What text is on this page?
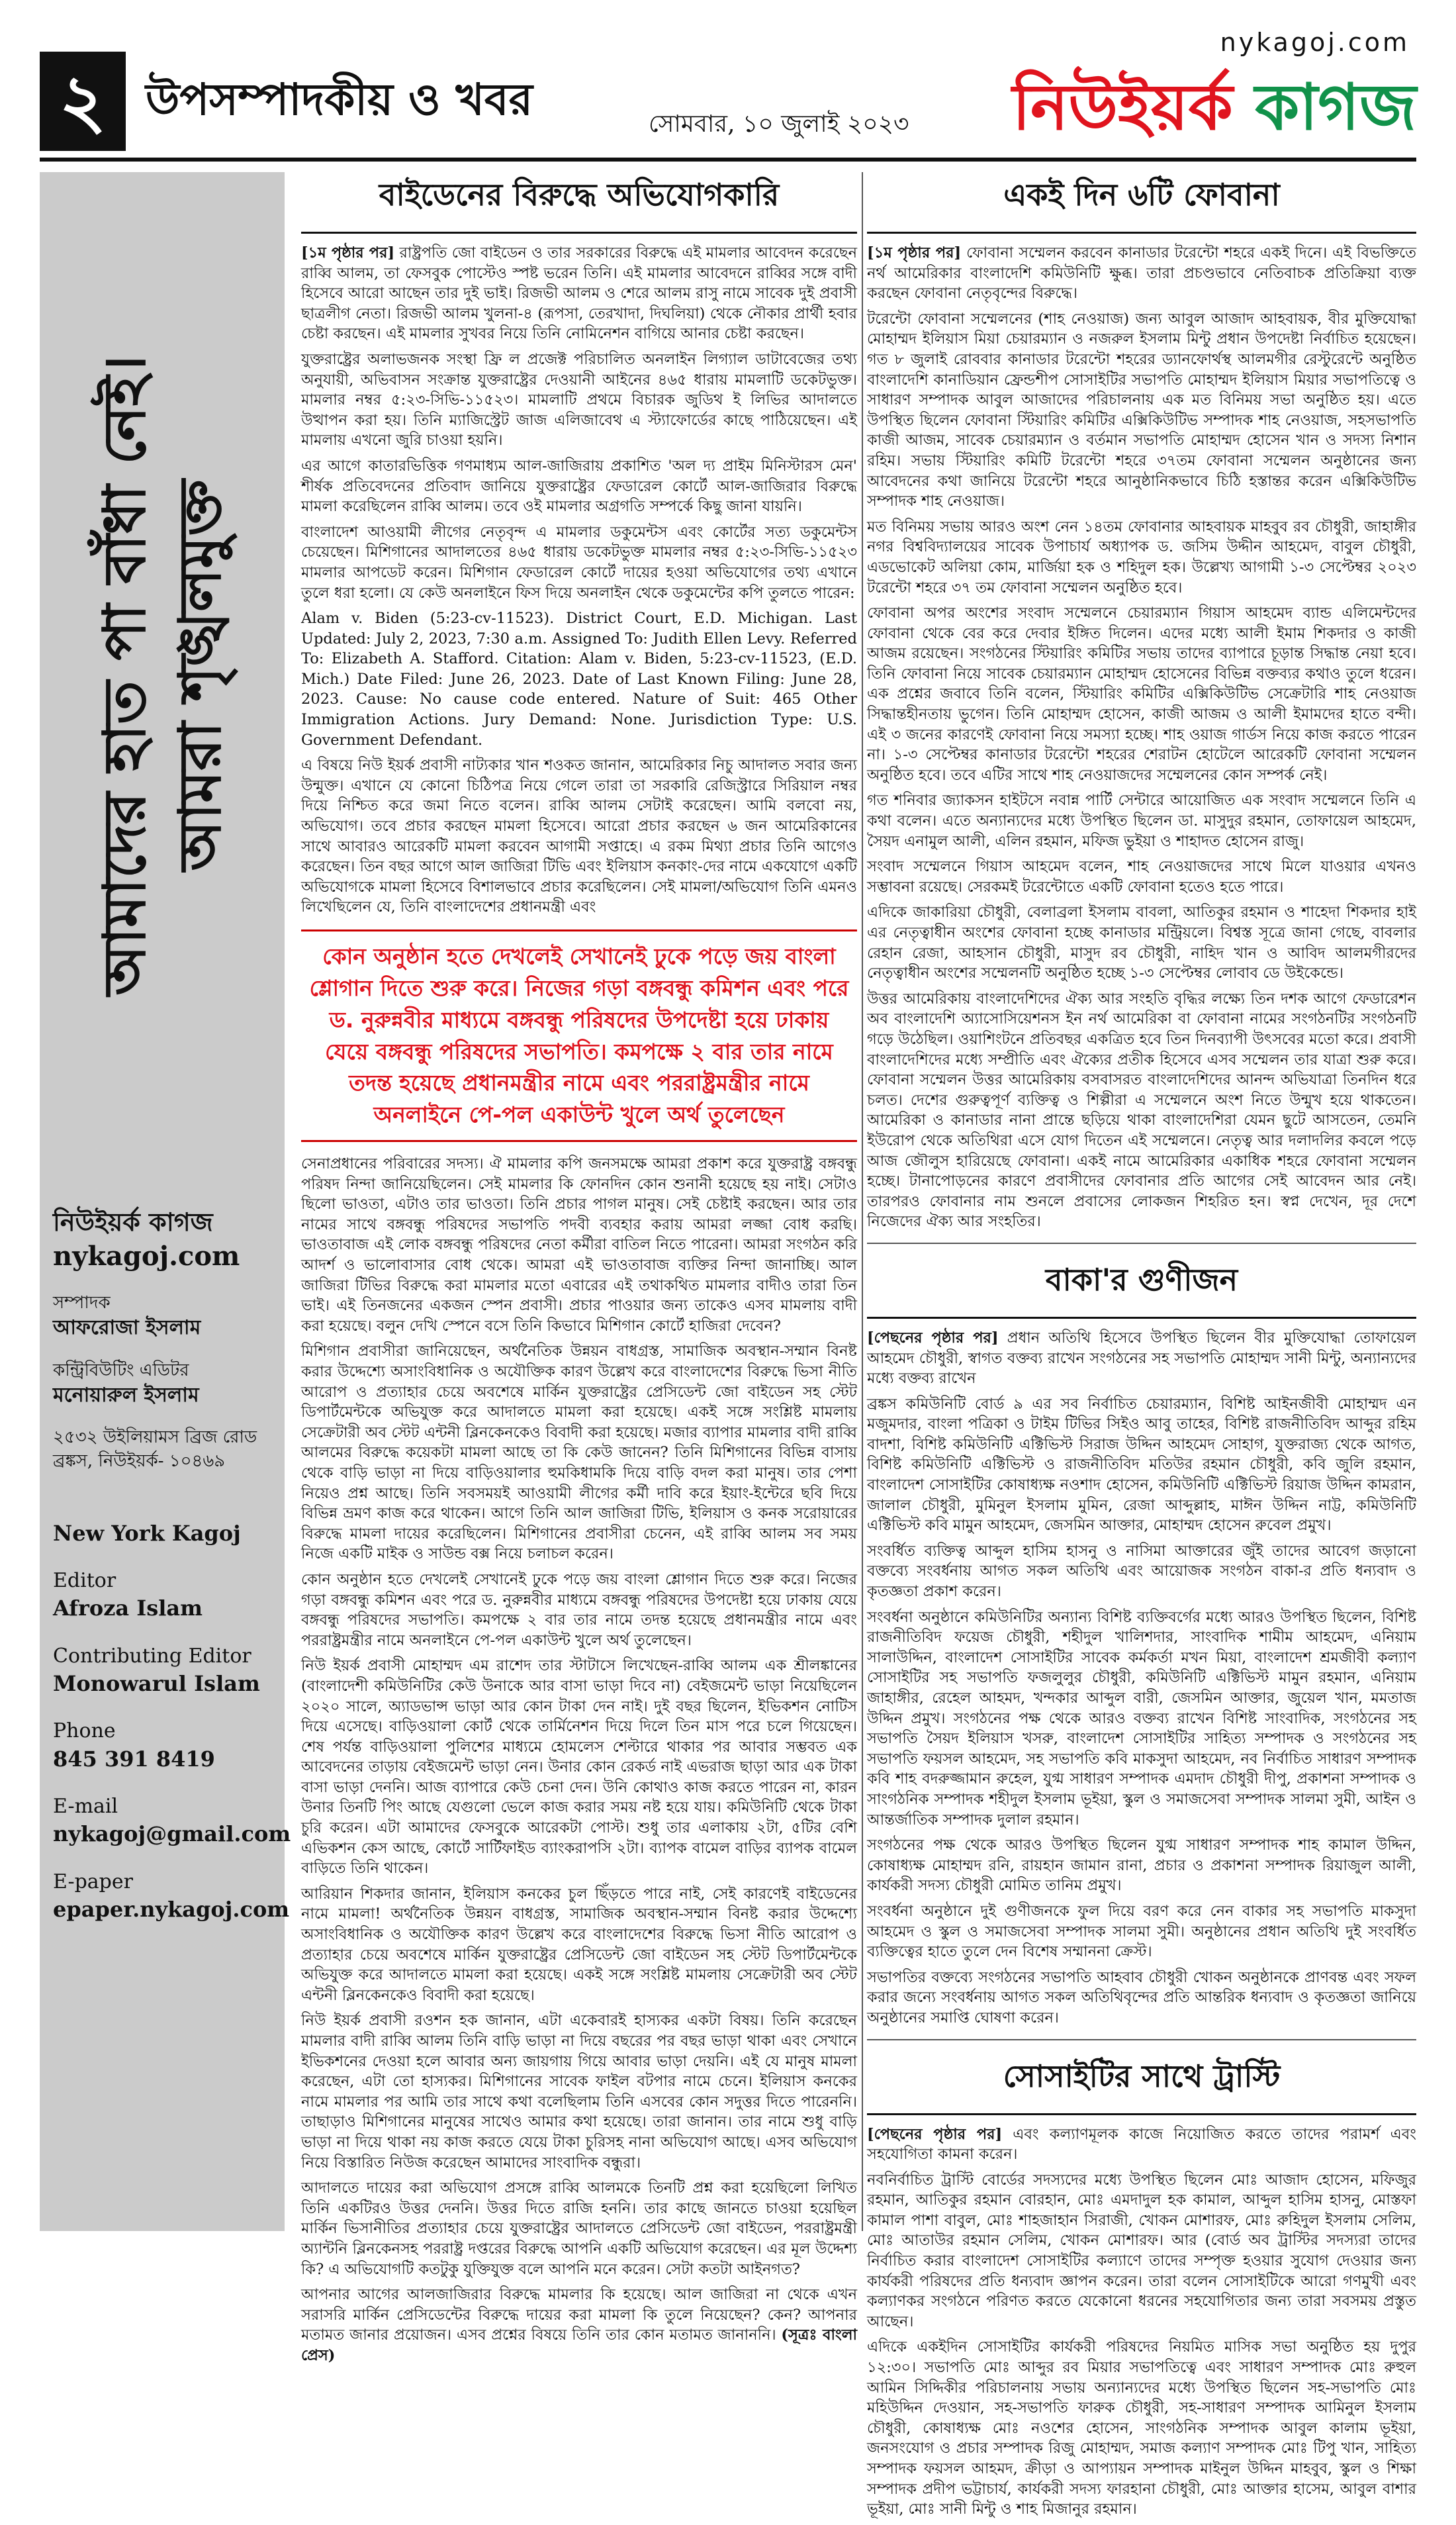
২ উপসম্পাদকীয় ও খবর	সোমবার, ১০ জুলাই ২০২৩
nykagoj.com
নিউইয়র্ক কাগজ
আমাদের হাত পা বাঁধা নেই। আমরা শৃঙ্খলমুক্ত
নিউইয়র্ক কাগজ
nykagoj.com
সম্পাদক
আফরোজা ইসলাম
কন্ট্রিবিউটিং এডিটর
মনোয়ারুল ইসলাম
২৫৩২ উইলিয়ামস ব্রিজ রোড ব্রঙ্কস, নিউইয়র্ক- ১০৪৬৯
New York Kagoj
Editor
Afroza Islam
Contributing Editor
Monowarul Islam
Phone
845 391 8419
E-mail
nykagoj@gmail.com
E-paper
epaper.nykagoj.com
বাইডেনের বিরুদ্ধে অভিযোগকারি

[১ম পৃষ্ঠার পর] রাষ্ট্রপতি জো বাইডেন ও তার সরকারের বিরুদ্ধে এই মামলার আবেদন করেছেন রাব্বি আলম, তা ফেসবুক পোস্টেও স্পষ্ট ভরেন তিনি। এই মামলার আবেদনে রাব্বির সঙ্গে বাদী হিসেবে আরো আছেন তার দুই ভাই। রিজভী আলম ও শেরে আলম রাসু নামে সাবেক দুই প্রবাসী ছাত্রলীগ নেতা। রিজভী আলম খুলনা-৪ (রূপসা, তেরখাদা, দিঘলিয়া) থেকে নৌকার প্রার্থী হবার চেষ্টা করছেন। এই মামলার সুখবর নিয়ে তিনি নোমিনেশন বাগিয়ে আনার চেষ্টা করছেন।

যুক্তরাষ্ট্রের অলাভজনক সংস্থা ফ্রি ল প্রজেক্ট পরিচালিত অনলাইন লিগ্যাল ডাটাবেজের তথ্য অনুযায়ী, অভিবাসন সংক্রান্ত যুক্তরাষ্ট্রের দেওয়ানী আইনের ৪৬৫ ধারায় মামলাটি ডকেটভুক্ত। মামলার নম্বর ৫:২৩-সিভি-১১৫২৩। মামলাটি প্রথমে বিচারক জুডিথ ই লিভির আদালতে উত্থাপন করা হয়। তিনি ম্যাজিস্ট্রেট জাজ এলিজাবেথ এ স্ট্যাফোর্ডের কাছে পাঠিয়েছেন। এই মামলায় এখনো জুরি চাওয়া হয়নি।

এর আগে কাতারভিত্তিক গণমাধ্যম আল-জাজিরায় প্রকাশিত 'অল দ্য প্রাইম মিনিস্টারস মেন' শীর্ষক প্রতিবেদনের প্রতিবাদ জানিয়ে যুক্তরাষ্ট্রের ফেডারেল কোর্টে আল-জাজিরার বিরুদ্ধে মামলা করেছিলেন রাব্বি আলম। তবে ওই মামলার অগ্রগতি সম্পর্কে কিছু জানা যায়নি।

বাংলাদেশ আওয়ামী লীগের নেতৃবৃন্দ এ মামলার ডকুমেন্টস এবং কোর্টের সত্য ডকুমেন্টস চেয়েছেন। মিশিগানের আদালতের ৪৬৫ ধারায় ডকেটভুক্ত মামলার নম্বর ৫:২৩-সিভি-১১৫২৩ মামলার আপডেট করেন। মিশিগান ফেডারেল কোর্টে দায়ের হওয়া অভিযোগের তথ্য এখানে তুলে ধরা হলো। যে কেউ অনলাইনে ফিস দিয়ে অনলাইন থেকে ডকুমেন্টের কপি তুলতে পারেন:

Alam v. Biden (5:23-cv-11523). District Court, E.D. Michigan. Last Updated: July 2, 2023, 7:30 a.m. Assigned To: Judith Ellen Levy. Referred To: Elizabeth A. Stafford. Citation: Alam v. Biden, 5:23-cv-11523, (E.D. Mich.) Date Filed: June 26, 2023. Date of Last Known Filing: June 28, 2023. Cause: No cause code entered. Nature of Suit: 465 Other Immigration Actions. Jury Demand: None. Jurisdiction Type: U.S. Government Defendant.

এ বিষয়ে নিউ ইয়র্ক প্রবাসী নাট্যকার খান শওকত জানান, আমেরিকার নিচু আদালত সবার জন্য উন্মুক্ত। এখানে যে কোনো চিঠিপত্র নিয়ে গেলে তারা তা সরকারি রেজিস্ট্রারে সিরিয়াল নম্বর দিয়ে নিশ্চিত করে জমা নিতে বলেন। রাব্বি আলম সেটাই করেছেন। আমি বলবো নয়, অভিযোগ। তবে প্রচার করছেন মামলা হিসেবে। আরো প্রচার করছেন ৬ জন আমেরিকানের সাথে আবারও আরেকটি মামলা করবেন আগামী সপ্তাহে। এ রকম মিথ্যা প্রচার তিনি আগেও করেছেন। তিন বছর আগে আল জাজিরা টিভি এবং ইলিয়াস কনকাং-দের নামে একযোগে একটি অভিযোগকে মামলা হিসেবে বিশালভাবে প্রচার করেছিলেন। সেই মামলা/অভিযোগ তিনি এমনও লিখেছিলেন যে, তিনি বাংলাদেশের প্রধানমন্ত্রী এবং

কোন অনুষ্ঠান হতে দেখলেই সেখানেই ঢুকে পড়ে জয় বাংলা শ্লোগান দিতে শুরু করে। নিজের গড়া বঙ্গবন্ধু কমিশন এবং পরে ড. নুরুন্নবীর মাধ্যমে বঙ্গবন্ধু পরিষদের উপদেষ্টা হয়ে ঢাকায় যেয়ে বঙ্গবন্ধু পরিষদের সভাপতি। কমপক্ষে ২ বার তার নামে তদন্ত হয়েছে প্রধানমন্ত্রীর নামে এবং পররাষ্ট্রমন্ত্রীর নামে অনলাইনে পে-পল একাউন্ট খুলে অর্থ তুলেছেন

সেনাপ্রধানের পরিবারের সদস্য। ঐ মামলার কপি জনসমক্ষে আমরা প্রকাশ করে যুক্তরাষ্ট্র বঙ্গবন্ধু পরিষদ নিন্দা জানিয়েছিলেন। সেই মামলার কি ফোনদিন কোন শুনানী হয়েছে হয় নাই। সেটাও ছিলো ভাওতা, এটাও তার ভাওতা। তিনি প্রচার পাগল মানুষ। সেই চেষ্টাই করছেন। আর তার নামের সাথে বঙ্গবন্ধু পরিষদের সভাপতি পদবী ব্যবহার করায় আমরা লজ্জা বোধ করছি। ভাওতাবাজ এই লোক বঙ্গবন্ধু পরিষদের নেতা কর্মীরা বাতিল নিতে পারেনা। আমরা সংগঠন করি আদর্শ ও ভালোবাসার বোধ থেকে। আমরা এই ভাওতাবাজ ব্যক্তির নিন্দা জানাচ্ছি। আল জাজিরা টিভির বিরুদ্ধে করা মামলার মতো এবারের এই তথাকথিত মামলার বাদীও তারা তিন ভাই। এই তিনজনের একজন স্পেন প্রবাসী। প্রচার পাওয়ার জন্য তাকেও এসব মামলায় বাদী করা হয়েছে। বলুন দেখি স্পেনে বসে তিনি কিভাবে মিশিগান কোর্টে হাজিরা দেবেন?

মিশিগান প্রবাসীরা জানিয়েছেন, অর্থনৈতিক উন্নয়ন বাধগ্রস্ত, সামাজিক অবস্থান-সম্মান বিনষ্ট করার উদ্দেশ্যে অসাংবিধানিক ও অযৌক্তিক কারণ উল্লেখ করে বাংলাদেশের বিরুদ্ধে ভিসা নীতি আরোপ ও প্রত্যাহার চেয়ে অবশেষে মার্কিন যুক্তরাষ্ট্রের প্রেসিডেন্ট জো বাইডেন সহ স্টেট ডিপার্টমেন্টকে অভিযুক্ত করে আদালতে মামলা করা হয়েছে। একই সঙ্গে সংশ্লিষ্ট মামলায় সেক্রেটারী অব স্টেট এন্টনী ব্লিনকেনকেও বিবাদী করা হয়েছে। মজার ব্যাপার মামলার বাদী রাব্বি আলমের বিরুদ্ধে কয়েকটা মামলা আছে তা কি কেউ জানেন? তিনি মিশিগানের বিভিন্ন বাসায় থেকে বাড়ি ভাড়া না দিয়ে বাড়িওয়ালার হুমকিধামকি দিয়ে বাড়ি বদল করা মানুষ। তার পেশা নিয়েও প্রশ্ন আছে। তিনি সবসময়ই আওয়ামী লীগের কর্মী দাবি করে ইয়াং-ইন্টেরে ছবি দিয়ে বিভিন্ন ভ্রমণ কাজ করে থাকেন। আগে তিনি আল জাজিরা টিভি, ইলিয়াস ও কনক সরোয়ারের বিরুদ্ধে মামলা দায়ের করেছিলেন। মিশিগানের প্রবাসীরা চেনেন, এই রাব্বি আলম সব সময় নিজে একটি মাইক ও সাউন্ড বক্স নিয়ে চলাচল করেন।

কোন অনুষ্ঠান হতে দেখলেই সেখানেই ঢুকে পড়ে জয় বাংলা শ্লোগান দিতে শুরু করে। নিজের গড়া বঙ্গবন্ধু কমিশন এবং পরে ড. নুরুন্নবীর মাধ্যমে বঙ্গবন্ধু পরিষদের উপদেষ্টা হয়ে ঢাকায় যেয়ে বঙ্গবন্ধু পরিষদের সভাপতি। কমপক্ষে ২ বার তার নামে তদন্ত হয়েছে প্রধানমন্ত্রীর নামে এবং পররাষ্ট্রমন্ত্রীর নামে অনলাইনে পে-পল একাউন্ট খুলে অর্থ তুলেছেন।

নিউ ইয়র্ক প্রবাসী মোহাম্মদ এম রাশেদ তার স্টাটাসে লিখেছেন-রাব্বি আলম এক শ্রীলঙ্কানের (বাংলাদেশী কমিউনিটির কেউ উনাকে আর বাসা ভাড়া দিবে না) বেইজমেন্ট ভাড়া নিয়েছিলেন ২০২০ সালে, অ্যাডভান্স ভাড়া আর কোন টাকা দেন নাই। দুই বছর ছিলেন, ইভিকশন নোটিস দিয়ে এসেছে। বাড়িওয়ালা কোর্ট থেকে তার্মিনেশন দিয়ে দিলে তিন মাস পরে চলে গিয়েছেন। শেষ পর্যন্ত বাড়িওয়ালা পুলিশের মাধ্যমে হোমলেস শেল্টারে থাকার পর আবার সম্ভবত এক আবেদনের তাড়ায় বেইজমেন্ট ভাড়া নেন। উনার কোন রেকর্ড নাই এভরাজ ছাড়া আর এক টাকা বাসা ভাড়া দেননি। আজ ব্যাপারে কেউ চেনা দেন। উনি কোথাও কাজ করতে পারেন না, কারন উনার তিনটি পিং আছে যেগুলো ভেলে কাজ করার সময় নষ্ট হয়ে যায়। কমিউনিটি থেকে টাকা চুরি করেন। এটা আমাদের ফেসবুকে আরেকটা পোস্ট। শুধু তার এলাকায় ২টা, ৫টির বেশি এভিকশন কেস আছে, কোর্টে সার্টিফাইড ব্যাংকরাপসি ২টা। ব্যাপক বামেল বাড়ির ব্যাপক বামেল বাড়িতে তিনি থাকেন।

আরিয়ান শিকদার জানান, ইলিয়াস কনকের চুল ছিঁড়তে পারে নাই, সেই কারণেই বাইডেনের নামে মামলা! অর্থনৈতিক উন্নয়ন বাধগ্রস্ত, সামাজিক অবস্থান-সম্মান বিনষ্ট করার উদ্দেশ্যে অসাংবিধানিক ও অযৌক্তিক কারণ উল্লেখ করে বাংলাদেশের বিরুদ্ধে ভিসা নীতি আরোপ ও প্রত্যাহার চেয়ে অবশেষে মার্কিন যুক্তরাষ্ট্রের প্রেসিডেন্ট জো বাইডেন সহ স্টেট ডিপার্টমেন্টকে অভিযুক্ত করে আদালতে মামলা করা হয়েছে। একই সঙ্গে সংশ্লিষ্ট মামলায় সেক্রেটারী অব স্টেট এন্টনী ব্লিনকেনকেও বিবাদী করা হয়েছে।

নিউ ইয়র্ক প্রবাসী রওশন হক জানান, এটা একেবারই হাস্যকর একটা বিষয়। তিনি করেছেন মামলার বাদী রাব্বি আলম তিনি বাড়ি ভাড়া না দিয়ে বছরের পর বছর ভাড়া থাকা এবং সেখানে ইভিকশনের দেওয়া হলে আবার অন্য জায়গায় গিয়ে আবার ভাড়া দেয়নি। এই যে মানুষ মামলা করেছেন, এটা তো হাস্যকর। মিশিগানের সাবেক ফাইল বটপার নামে চেনে। ইলিয়াস কনকের নামে মামলার পর আমি তার সাথে কথা বলেছিলাম তিনি এসবের কোন সদুত্তর দিতে পারেননি। তাছাড়াও মিশিগানের মানুষের সাথেও আমার কথা হয়েছে। তারা জানান। তার নামে শুধু বাড়ি ভাড়া না দিয়ে থাকা নয় কাজ করতে যেয়ে টাকা চুরিসহ নানা অভিযোগ আছে। এসব অভিযোগ নিয়ে বিস্তারিত নিউজ করেছেন আমাদের সাংবাদিক বন্ধুরা।

আদালতে দায়ের করা অভিযোগ প্রসঙ্গে রাব্বি আলমকে তিনটি প্রশ্ন করা হয়েছিলো লিখিত তিনি একটিরও উত্তর দেননি। উত্তর দিতে রাজি হননি। তার কাছে জানতে চাওয়া হয়েছিল মার্কিন ভিসানীতির প্রত্যাহার চেয়ে যুক্তরাষ্ট্রের আদালতে প্রেসিডেন্ট জো বাইডেন, পররাষ্ট্রমন্ত্রী অ্যান্টনি ব্লিনকেনসহ পররাষ্ট্র দপ্তরের বিরুদ্ধে আপনি একটি অভিযোগ করেছেন। এর মূল উদ্দেশ্য কি? এ অভিযোগটি কতটুকু যুক্তিযুক্ত বলে আপনি মনে করেন। সেটা কতটা আইনগত?

আপনার আগের আলজাজিরার বিরুদ্ধে মামলার কি হয়েছে। আল জাজিরা না থেকে এখন সরাসরি মার্কিন প্রেসিডেন্টের বিরুদ্ধে দায়ের করা মামলা কি তুলে নিয়েছেন? কেন? আপনার মতামত জানার প্রয়োজন। এসব প্রশ্নের বিষয়ে তিনি তার কোন মতামত জানাননি। (সূত্রঃ বাংলা প্রেস)

একই দিন ৬টি ফোবানা

[১ম পৃষ্ঠার পর] ফোবানা সম্মেলন করবেন কানাডার টরেন্টো শহরে একই দিনে। এই বিভক্তিতে নর্থ আমেরিকার বাংলাদেশি কমিউনিটি ক্ষুব্ধ। তারা প্রচণ্ডভাবে নেতিবাচক প্রতিক্রিয়া ব্যক্ত করছেন ফোবানা নেতৃবৃন্দের বিরুদ্ধে।

টরেন্টো ফোবানা সম্মেলনের (শাহ নেওয়াজ) জন্য আবুল আজাদ আহবায়ক, বীর মুক্তিযোদ্ধা মোহাম্মদ ইলিয়াস মিয়া চেয়ারম্যান ও নজরুল ইসলাম মিন্টু প্রধান উপদেষ্টা নির্বাচিত হয়েছেন। গত ৮ জুলাই রোববার কানাডার টরেন্টো শহরের ড্যানফোর্থস্থ আলমগীর রেস্টুরেন্টে অনুষ্ঠিত বাংলাদেশি কানাডিয়ান ফ্রেন্ডশীপ সোসাইটির সভাপতি মোহাম্মদ ইলিয়াস মিয়ার সভাপতিত্বে ও সাধারণ সম্পাদক আবুল আজাদের পরিচালনায় এক মত বিনিময় সভা অনুষ্ঠিত হয়। এতে উপস্থিত ছিলেন ফোবানা স্টিয়ারিং কমিটির এক্সিকিউটিভ সম্পাদক শাহ নেওয়াজ, সহসভাপতি কাজী আজম, সাবেক চেয়ারম্যান ও বর্তমান সভাপতি মোহাম্মদ হোসেন খান ও সদস্য নিশান রহিম। সভায় স্টিয়ারিং কমিটি টরেন্টো শহরে ৩৭তম ফোবানা সম্মেলন অনুষ্ঠানের জন্য আবেদনের কথা জানিয়ে টরেন্টো শহরে আনুষ্ঠানিকভাবে চিঠি হস্তান্তর করেন এক্সিকিউটিভ সম্পাদক শাহ নেওয়াজ।

মত বিনিময় সভায় আরও অংশ নেন ১৪তম ফোবানার আহবায়ক মাহবুব রব চৌধুরী, জাহাঙ্গীর নগর বিশ্ববিদ্যালয়ের সাবেক উপাচার্য অধ্যাপক ড. জসিম উদ্দীন আহমেদ, বাবুল চৌধুরী, এডভোকেট অলিয়া কোম, মার্জিয়া হক ও শহিদুল হক। উল্লেখ্য আগামী ১-৩ সেপ্টেম্বর ২০২৩ টরেন্টো শহরে ৩৭ তম ফোবানা সম্মেলন অনুষ্ঠিত হবে।

ফোবানা অপর অংশের সংবাদ সম্মেলনে চেয়ারম্যান গিয়াস আহমেদ ব্যান্ড এলিমেন্টদের ফোবানা থেকে বের করে দেবার ইঙ্গিত দিলেন। এদের মধ্যে আলী ইমাম শিকদার ও কাজী আজম রয়েছেন। সংগঠনের স্টিয়ারিং কমিটির সভায় তাদের ব্যাপারে চূড়ান্ত সিদ্ধান্ত নেয়া হবে। তিনি ফোবানা নিয়ে সাবেক চেয়ারম্যান মোহাম্মদ হোসেনের বিভিন্ন বক্তব্যর কথাও তুলে ধরেন। এক প্রশ্নের জবাবে তিনি বলেন, স্টিয়ারিং কমিটির এক্সিকিউটিভ সেক্রেটারি শাহ নেওয়াজ সিদ্ধান্তহীনতায় ভুগেন। তিনি মোহাম্মদ হোসেন, কাজী আজম ও আলী ইমামদের হাতে বন্দী। এই ৩ জনের কারণেই ফোবানা নিয়ে সমস্যা হচ্ছে। শাহ ওয়াজ গার্ডস নিয়ে কাজ করতে পারেন না। ১-৩ সেপ্টেম্বর কানাডার টরেন্টো শহরের শেরাটন হোটেলে আরেকটি ফোবানা সম্মেলন অনুষ্ঠিত হবে। তবে এটির সাথে শাহ নেওয়াজদের সম্মেলনের কোন সম্পর্ক নেই।

গত শনিবার জ্যাকসন হাইটসে নবান্ন পার্টি সেন্টারে আয়োজিত এক সংবাদ সম্মেলনে তিনি এ কথা বলেন। এতে অন্যান্যদের মধ্যে উপস্থিত ছিলেন ডা. মাসুদুর রহমান, তোফায়েল আহমেদ, সৈয়দ এনামুল আলী, এলিন রহমান, মফিজ ভুইয়া ও শাহাদত হোসেন রাজু।

সংবাদ সম্মেলনে গিয়াস আহমেদ বলেন, শাহ নেওয়াজদের সাথে মিলে যাওয়ার এখনও সম্ভাবনা রয়েছে। সেরকমই টরেন্টোতে একটি ফোবানা হতেও হতে পারে।

এদিকে জাকারিয়া চৌধুরী, বেলাব্রলা ইসলাম বাবলা, আতিকুর রহমান ও শাহেদা শিকদার হাই এর নেতৃত্বাধীন অংশের ফোবানা হচ্ছে কানাডার মন্ট্রিয়লে। বিশ্বস্ত সূত্রে জানা গেছে, বাবলার রেহান রেজা, আহসান চৌধুরী, মাসুদ রব চৌধুরী, নাহিদ খান ও আবিদ আলমগীরদের নেতৃত্বাধীন অংশের সম্মেলনটি অনুষ্ঠিত হচ্ছে ১-৩ সেপ্টেম্বর লোবাব ডে উইকেন্ডে।

উত্তর আমেরিকায় বাংলাদেশিদের ঐক্য আর সংহতি বৃদ্ধির লক্ষ্যে তিন দশক আগে ফেডারেশন অব বাংলাদেশি অ্যাসোসিয়েশনস ইন নর্থ আমেরিকা বা ফোবানা নামের সংগঠনটির সংগঠনটি গড়ে উঠেছিল। ওয়াশিংটনে প্রতিবছর একত্রিত হবে তিন দিনব্যাপী উৎসবের মতো করে। প্রবাসী বাংলাদেশিদের মধ্যে সম্প্রীতি এবং ঐক্যের প্রতীক হিসেবে এসব সম্মেলন তার যাত্রা শুরু করে। ফোবানা সম্মেলন উত্তর আমেরিকায় বসবাসরত বাংলাদেশিদের আনন্দ অভিযাত্রা তিনদিন ধরে চলত। দেশের গুরুত্বপূর্ণ ব্যক্তিত্ব ও শিল্পীরা এ সম্মেলনে অংশ নিতে উন্মুখ হয়ে থাকতেন। আমেরিকা ও কানাডার নানা প্রান্তে ছড়িয়ে থাকা বাংলাদেশিরা যেমন ছুটে আসতেন, তেমনি ইউরোপ থেকে অতিথিরা এসে যোগ দিতেন এই সম্মেলনে। নেতৃত্ব আর দলাদলির কবলে পড়ে আজ জৌলুস হারিয়েছে ফোবানা। একই নামে আমেরিকার একাধিক শহরে ফোবানা সম্মেলন হচ্ছে। টানাপোড়নের কারণে প্রবাসীদের ফোবানার প্রতি আগের সেই আবেদন আর নেই। তারপরও ফোবানার নাম শুনলে প্রবাসের লোকজন শিহরিত হন। স্বপ্ন দেখেন, দূর দেশে নিজেদের ঐক্য আর সংহতির।

বাকা'র গুণীজন

[পেছনের পৃষ্ঠার পর] প্রধান অতিথি হিসেবে উপস্থিত ছিলেন বীর মুক্তিযোদ্ধা তোফায়েল আহমেদ চৌধুরী, স্বাগত বক্তব্য রাখেন সংগঠনের সহ সভাপতি মোহাম্মদ সানী মিন্টু, অন্যান্যদের মধ্যে বক্তব্য রাখেন

ব্রঙ্কস কমিউনিটি বোর্ড ৯ এর সব নির্বাচিত চেয়ারম্যান, বিশিষ্ট আইনজীবী মোহাম্মদ এন মজুমদার, বাংলা পত্রিকা ও টাইম টিভির সিইও আবু তাহের, বিশিষ্ট রাজনীতিবিদ আব্দুর রহিম বাদশা, বিশিষ্ট কমিউনিটি এক্টিভিস্ট সিরাজ উদ্দিন আহমেদ সোহাগ, যুক্তরাজ্য থেকে আগত, বিশিষ্ট কমিউনিটি এক্টিভিস্ট ও রাজনীতিবিদ মতিউর রহমান চৌধুরী, কবি জুলি রহমান, বাংলাদেশ সোসাইটির কোষাধ্যক্ষ নওশাদ হোসেন, কমিউনিটি এক্টিভিস্ট রিয়াজ উদ্দিন কামরান, জালাল চৌধুরী, মুমিনুল ইসলাম মুমিন, রেজা আব্দুল্লাহ, মাঈন উদ্দিন নাট্ট, কমিউনিটি এক্টিভিস্ট কবি মামুন আহমেদ, জেসমিন আক্তার, মোহাম্মদ হোসেন রুবেল প্রমুখ।

সংবর্ধিত ব্যক্তিত্ব আব্দুল হাসিম হাসনু ও নাসিমা আক্তারের জুঁই তাদের আবেগ জড়ানো বক্তব্যে সংবর্ধনায় আগত সকল অতিথি এবং আয়োজক সংগঠন বাকা-র প্রতি ধন্যবাদ ও কৃতজ্ঞতা প্রকাশ করেন।

সংবর্ধনা অনুষ্ঠানে কমিউনিটির অন্যান্য বিশিষ্ট ব্যক্তিবর্গের মধ্যে আরও উপস্থিত ছিলেন, বিশিষ্ট রাজনীতিবিদ ফয়েজ চৌধুরী, শহীদুল খালিশদার, সাংবাদিক শামীম আহমেদ, এনিয়াম সালাউদ্দিন, বাংলাদেশ সোসাইটির সাবেক কর্মকর্তা মখন মিয়া, বাংলাদেশ শ্রমজীবী কল্যাণ সোসাইটির সহ সভাপতি ফজলুলুর চৌধুরী, কমিউনিটি এক্টিভিস্ট মামুন রহমান, এনিয়াম জাহাঙ্গীর, রেহেল আহমদ, খন্দকার আব্দুল বারী, জেসমিন আক্তার, জুয়েল খান, মমতাজ উদ্দিন প্রমুখ। সংগঠনের পক্ষ থেকে আরও বক্তব্য রাখেন বিশিষ্ট সাংবাদিক, সংগঠনের সহ সভাপতি সৈয়দ ইলিয়াস খসরু, বাংলাদেশ সোসাইটির সাহিত্য সম্পাদক ও সংগঠনের সহ সভাপতি ফয়সল আহমেদ, সহ সভাপতি কবি মাকসুদা আহমেদ, নব নির্বাচিত সাধারণ সম্পাদক কবি শাহ বদরুজ্জামান রুহেল, যুগ্ম সাধারণ সম্পাদক এমদাদ চৌধুরী দীপু, প্রকাশনা সম্পাদক ও সাংগঠনিক সম্পাদক শহীদুল ইসলাম ভূইয়া, স্কুল ও সমাজসেবা সম্পাদক সালমা সুমী, আইন ও আন্তর্জাতিক সম্পাদক দুলাল রহমান।

সংগঠনের পক্ষ থেকে আরও উপস্থিত ছিলেন যুগ্ম সাধারণ সম্পাদক শাহ কামাল উদ্দিন, কোষাধ্যক্ষ মোহাম্মদ রনি, রায়হান জামান রানা, প্রচার ও প্রকাশনা সম্পাদক রিয়াজুল আলী, কার্যকরী সদস্য চৌধুরী মোমিত তানিম প্রমুখ।

সংবর্ধনা অনুষ্ঠানে দুই গুণীজনকে ফুল দিয়ে বরণ করে নেন বাকার সহ সভাপতি মাকসুদা আহমেদ ও স্কুল ও সমাজসেবা সম্পাদক সালমা সুমী। অনুষ্ঠানের প্রধান অতিথি দুই সংবর্ধিত ব্যক্তিত্বের হাতে তুলে দেন বিশেষ সম্মাননা ক্রেস্ট।

সভাপতির বক্তব্যে সংগঠনের সভাপতি আহবাব চৌধুরী খোকন অনুষ্ঠানকে প্রাণবন্ত এবং সফল করার জন্যে সংবর্ধনায় আগত সকল অতিথিবৃন্দের প্রতি আন্তরিক ধন্যবাদ ও কৃতজ্ঞতা জানিয়ে অনুষ্ঠানের সমাপ্তি ঘোষণা করেন।

সোসাইটির সাথে ট্রাস্টি

[পেছনের পৃষ্ঠার পর] এবং কল্যাণমূলক কাজে নিয়োজিত করতে তাদের পরামর্শ এবং সহযোগিতা কামনা করেন।

নবনির্বাচিত ট্রাস্টি বোর্ডের সদস্যদের মধ্যে উপস্থিত ছিলেন মোঃ আজাদ হোসেন, মফিজুর রহমান, আতিকুর রহমান বোরহান, মোঃ এমদাদুল হক কামাল, আব্দুল হাসিম হাসনু, মোস্তফা কামাল পাশা বাবুল, মোঃ শাহজাহান সিরাজী, খোকন মোশারফ, মোঃ রুহিদুল ইসলাম সেলিম, মোঃ আতাউর রহমান সেলিম, খোকন মোশারফ। আর (বোর্ড অব ট্রাস্টির সদস্যরা তাদের নির্বাচিত করার বাংলাদেশ সোসাইটির কল্যাণে তাদের সম্পৃক্ত হওয়ার সুযোগ দেওয়ার জন্য কার্যকরী পরিষদের প্রতি ধন্যবাদ জ্ঞাপন করেন। তারা বলেন সোসাইটিকে আরো গণমুখী এবং কল্যাণকর সংগঠনে পরিণত করতে যেকোনো ধরনের সহযোগিতার জন্য তারা সবসময় প্রস্তুত আছেন।

এদিকে একইদিন সোসাইটির কার্যকরী পরিষদের নিয়মিত মাসিক সভা অনুষ্ঠিত হয় দুপুর ১২:৩০। সভাপতি মোঃ আব্দুর রব মিয়ার সভাপতিত্বে এবং সাধারণ সম্পাদক মোঃ রুহুল আমিন সিদ্দিকীর পরিচালনায় সভায় অন্যান্যদের মধ্যে উপস্থিত ছিলেন সহ-সভাপতি মোঃ মহিউদ্দিন দেওয়ান, সহ-সভাপতি ফারুক চৌধুরী, সহ-সাধারণ সম্পাদক আমিনুল ইসলাম চৌধুরী, কোষাধ্যক্ষ মোঃ নওশের হোসেন, সাংগঠনিক সম্পাদক আবুল কালাম ভূইয়া, জনসংযোগ ও প্রচার সম্পাদক রিজু মোহাম্মদ, সমাজ কল্যাণ সম্পাদক মোঃ টিপু খান, সাহিত্য সম্পাদক ফয়সল আহমদ, ক্রীড়া ও আপ্যায়ন সম্পাদক মাইনুল উদ্দিন মাহবুব, স্কুল ও শিক্ষা সম্পাদক প্রদীপ ভট্টাচার্য, কার্যকরী সদস্য ফারহানা চৌধুরী, মোঃ আক্তার হাসেম, আবুল বাশার ভূইয়া, মোঃ সানী মিন্টু ও শাহ মিজানুর রহমান।
